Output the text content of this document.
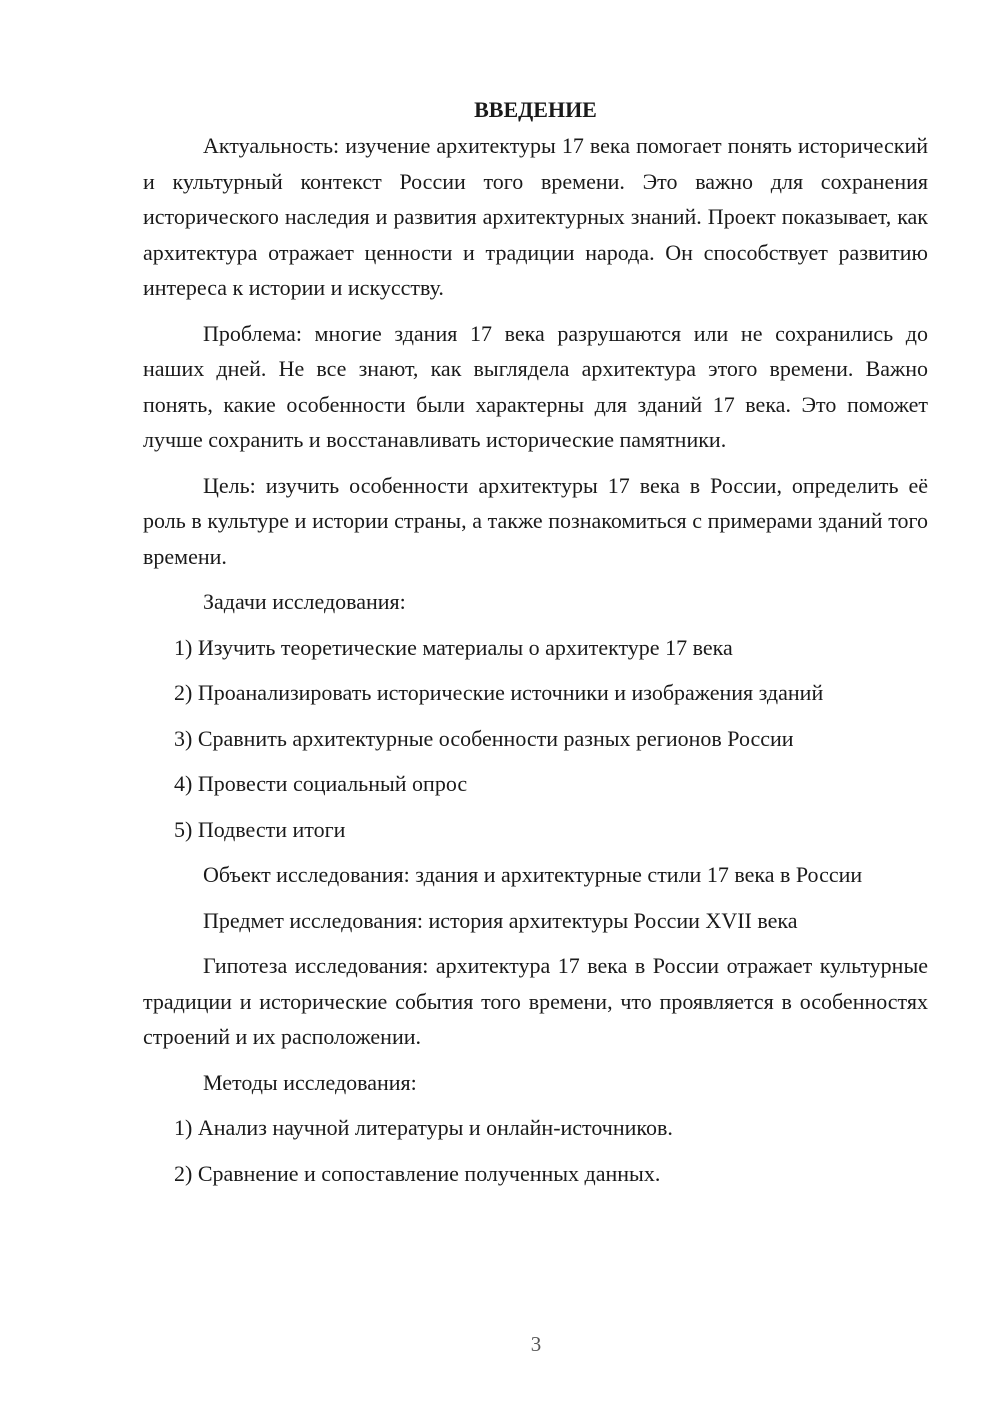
ВВЕДЕНИЕ

Актуальность: изучение архитектуры 17 века помогает понять исторический и культурный контекст России того времени. Это важно для сохранения исторического наследия и развития архитектурных знаний. Проект показывает, как архитектура отражает ценности и традиции народа. Он способствует развитию интереса к истории и искусству.

Проблема: многие здания 17 века разрушаются или не сохранились до наших дней. Не все знают, как выглядела архитектура этого времени. Важно понять, какие особенности были характерны для зданий 17 века. Это поможет лучше сохранить и восстанавливать исторические памятники.

Цель: изучить особенности архитектуры 17 века в России, определить её роль в культуре и истории страны, а также познакомиться с примерами зданий того времени.

Задачи исследования:
1) Изучить теоретические материалы о архитектуре 17 века
2) Проанализировать исторические источники и изображения зданий
3) Сравнить архитектурные особенности разных регионов России
4) Провести социальный опрос
5) Подвести итоги

Объект исследования: здания и архитектурные стили 17 века в России

Предмет исследования: история архитектуры России XVII века

Гипотеза исследования: архитектура 17 века в России отражает культурные традиции и исторические события того времени, что проявляется в особенностях строений и их расположении.

Методы исследования:
1) Анализ научной литературы и онлайн-источников.
2) Сравнение и сопоставление полученных данных.
3
